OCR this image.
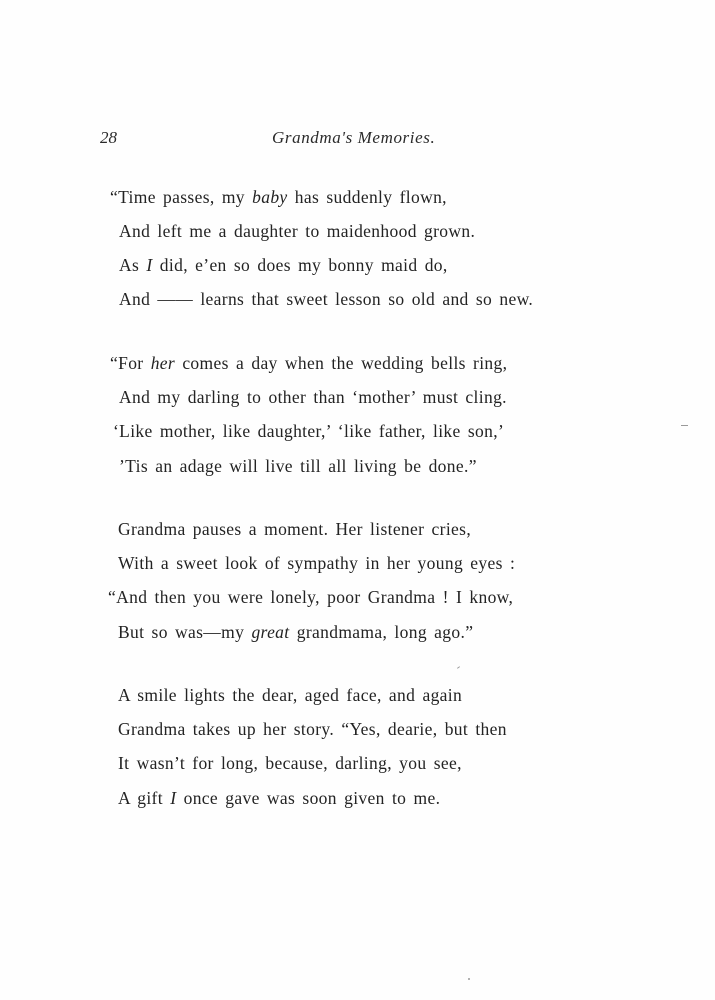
28	Grandma's Memories.
“Time passes, my baby has suddenly flown,
And left me a daughter to maidenhood grown.
As I did, e’en so does my bonny maid do,
And —— learns that sweet lesson so old and so new.
“For her comes a day when the wedding bells ring,
And my darling to other than ‘mother’ must cling.
‘Like mother, like daughter,’ ‘like father, like son,’
’Tis an adage will live till all living be done.”
Grandma pauses a moment. Her listener cries,
With a sweet look of sympathy in her young eyes :
“And then you were lonely, poor Grandma ! I know,
But so was—my great grandmama, long ago.”
A smile lights the dear, aged face, and again
Grandma takes up her story. “Yes, dearie, but then
It wasn’t for long, because, darling, you see,
A gift I once gave was soon given to me.
